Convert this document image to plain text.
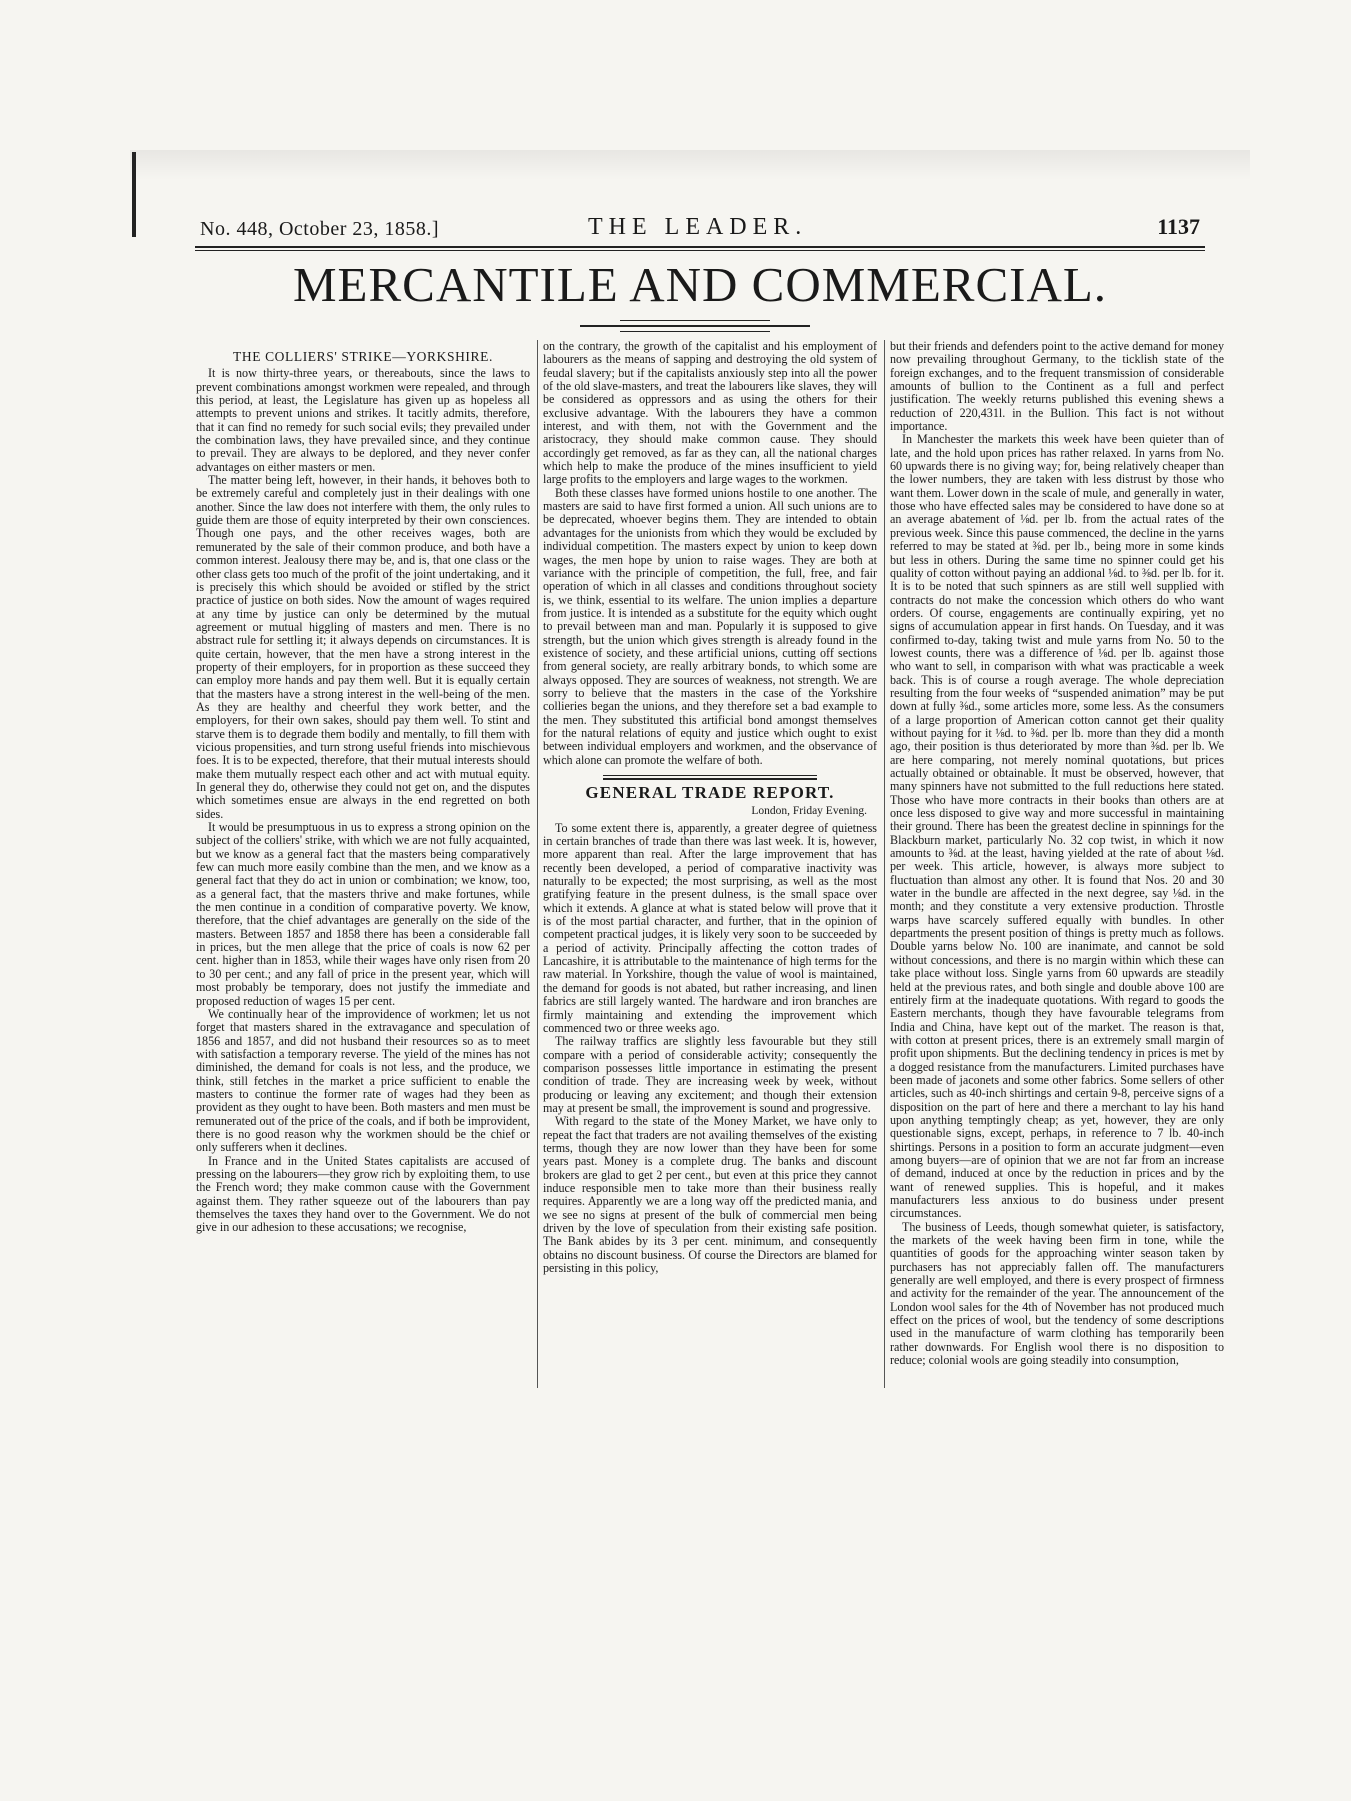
No. 448, October 23, 1858.]	THE LEADER.	1137
MERCANTILE AND COMMERCIAL.
THE COLLIERS' STRIKE—YORKSHIRE.

It is now thirty-three years, or thereabouts, since the laws to prevent combinations amongst workmen were repealed, and through this period, at least, the Legislature has given up as hopeless all attempts to prevent unions and strikes. It tacitly admits, therefore, that it can find no remedy for such social evils; they prevailed under the combination laws, they have prevailed since, and they continue to prevail. They are always to be deplored, and they never confer advantages on either masters or men.

The matter being left, however, in their hands, it behoves both to be extremely careful and completely just in their dealings with one another. Since the law does not interfere with them, the only rules to guide them are those of equity interpreted by their own consciences. Though one pays, and the other receives wages, both are remunerated by the sale of their common produce, and both have a common interest. Jealousy there may be, and is, that one class or the other class gets too much of the profit of the joint undertaking, and it is precisely this which should be avoided or stifled by the strict practice of justice on both sides. Now the amount of wages required at any time by justice can only be determined by the mutual agreement or mutual higgling of masters and men. There is no abstract rule for settling it; it always depends on circumstances. It is quite certain, however, that the men have a strong interest in the property of their employers, for in proportion as these succeed they can employ more hands and pay them well. But it is equally certain that the masters have a strong interest in the well-being of the men. As they are healthy and cheerful they work better, and the employers, for their own sakes, should pay them well. To stint and starve them is to degrade them bodily and mentally, to fill them with vicious propensities, and turn strong useful friends into mischievous foes. It is to be expected, therefore, that their mutual interests should make them mutually respect each other and act with mutual equity. In general they do, otherwise they could not get on, and the disputes which sometimes ensue are always in the end regretted on both sides.

It would be presumptuous in us to express a strong opinion on the subject of the colliers' strike, with which we are not fully acquainted, but we know as a general fact that the masters being comparatively few can much more easily combine than the men, and we know as a general fact that they do act in union or combination; we know, too, as a general fact, that the masters thrive and make fortunes, while the men continue in a condition of comparative poverty. We know, therefore, that the chief advantages are generally on the side of the masters. Between 1857 and 1858 there has been a considerable fall in prices, but the men allege that the price of coals is now 62 per cent. higher than in 1853, while their wages have only risen from 20 to 30 per cent.; and any fall of price in the present year, which will most probably be temporary, does not justify the immediate and proposed reduction of wages 15 per cent.

We continually hear of the improvidence of workmen; let us not forget that masters shared in the extravagance and speculation of 1856 and 1857, and did not husband their resources so as to meet with satisfaction a temporary reverse. The yield of the mines has not diminished, the demand for coals is not less, and the produce, we think, still fetches in the market a price sufficient to enable the masters to continue the former rate of wages had they been as provident as they ought to have been. Both masters and men must be remunerated out of the price of the coals, and if both be improvident, there is no good reason why the workmen should be the chief or only sufferers when it declines.

In France and in the United States capitalists are accused of pressing on the labourers—they grow rich by exploiting them, to use the French word; they make common cause with the Government against them. They rather squeeze out of the labourers than pay themselves the taxes they hand over to the Government. We do not give in our adhesion to these accusations; we recognise,

on the contrary, the growth of the capitalist and his employment of labourers as the means of sapping and destroying the old system of feudal slavery; but if the capitalists anxiously step into all the power of the old slave-masters, and treat the labourers like slaves, they will be considered as oppressors and as using the others for their exclusive advantage. With the labourers they have a common interest, and with them, not with the Government and the aristocracy, they should make common cause. They should accordingly get removed, as far as they can, all the national charges which help to make the produce of the mines insufficient to yield large profits to the employers and large wages to the workmen.

Both these classes have formed unions hostile to one another. The masters are said to have first formed a union. All such unions are to be deprecated, whoever begins them. They are intended to obtain advantages for the unionists from which they would be excluded by individual competition. The masters expect by union to keep down wages, the men hope by union to raise wages. They are both at variance with the principle of competition, the full, free, and fair operation of which in all classes and conditions throughout society is, we think, essential to its welfare. The union implies a departure from justice. It is intended as a substitute for the equity which ought to prevail between man and man. Popularly it is supposed to give strength, but the union which gives strength is already found in the existence of society, and these artificial unions, cutting off sections from general society, are really arbitrary bonds, to which some are always opposed. They are sources of weakness, not strength. We are sorry to believe that the masters in the case of the Yorkshire collieries began the unions, and they therefore set a bad example to the men. They substituted this artificial bond amongst themselves for the natural relations of equity and justice which ought to exist between individual employers and workmen, and the observance of which alone can promote the welfare of both.

GENERAL TRADE REPORT.
London, Friday Evening.

To some extent there is, apparently, a greater degree of quietness in certain branches of trade than there was last week. It is, however, more apparent than real. After the large improvement that has recently been developed, a period of comparative inactivity was naturally to be expected; the most surprising, as well as the most gratifying feature in the present dulness, is the small space over which it extends. A glance at what is stated below will prove that it is of the most partial character, and further, that in the opinion of competent practical judges, it is likely very soon to be succeeded by a period of activity. Principally affecting the cotton trades of Lancashire, it is attributable to the maintenance of high terms for the raw material. In Yorkshire, though the value of wool is maintained, the demand for goods is not abated, but rather increasing, and linen fabrics are still largely wanted. The hardware and iron branches are firmly maintaining and extending the improvement which commenced two or three weeks ago.

The railway traffics are slightly less favourable but they still compare with a period of considerable activity; consequently the comparison possesses little importance in estimating the present condition of trade. They are increasing week by week, without producing or leaving any excitement; and though their extension may at present be small, the improvement is sound and progressive.

With regard to the state of the Money Market, we have only to repeat the fact that traders are not availing themselves of the existing terms, though they are now lower than they have been for some years past. Money is a complete drug. The banks and discount brokers are glad to get 2 per cent., but even at this price they cannot induce responsible men to take more than their business really requires. Apparently we are a long way off the predicted mania, and we see no signs at present of the bulk of commercial men being driven by the love of speculation from their existing safe position. The Bank abides by its 3 per cent. minimum, and consequently obtains no discount business. Of course the Directors are blamed for persisting in this policy,

but their friends and defenders point to the active demand for money now prevailing throughout Germany, to the ticklish state of the foreign exchanges, and to the frequent transmission of considerable amounts of bullion to the Continent as a full and perfect justification. The weekly returns published this evening shews a reduction of 220,431l. in the Bullion. This fact is not without importance.

In Manchester the markets this week have been quieter than of late, and the hold upon prices has rather relaxed. In yarns from No. 60 upwards there is no giving way; for, being relatively cheaper than the lower numbers, they are taken with less distrust by those who want them. Lower down in the scale of mule, and generally in water, those who have effected sales may be considered to have done so at an average abatement of ⅛d. per lb. from the actual rates of the previous week. Since this pause commenced, the decline in the yarns referred to may be stated at ⅜d. per lb., being more in some kinds but less in others. During the same time no spinner could get his quality of cotton without paying an addional ⅛d. to ⅜d. per lb. for it. It is to be noted that such spinners as are still well supplied with contracts do not make the concession which others do who want orders. Of course, engagements are continually expiring, yet no signs of accumulation appear in first hands. On Tuesday, and it was confirmed to-day, taking twist and mule yarns from No. 50 to the lowest counts, there was a difference of ⅛d. per lb. against those who want to sell, in comparison with what was practicable a week back. This is of course a rough average. The whole depreciation resulting from the four weeks of “suspended animation” may be put down at fully ⅜d., some articles more, some less. As the consumers of a large proportion of American cotton cannot get their quality without paying for it ⅛d. to ⅜d. per lb. more than they did a month ago, their position is thus deteriorated by more than ⅜d. per lb. We are here comparing, not merely nominal quotations, but prices actually obtained or obtainable. It must be observed, however, that many spinners have not submitted to the full reductions here stated. Those who have more contracts in their books than others are at once less disposed to give way and more successful in maintaining their ground. There has been the greatest decline in spinnings for the Blackburn market, particularly No. 32 cop twist, in which it now amounts to ⅜d. at the least, having yielded at the rate of about ⅛d. per week. This article, however, is always more subject to fluctuation than almost any other. It is found that Nos. 20 and 30 water in the bundle are affected in the next degree, say ⅛d. in the month; and they constitute a very extensive production. Throstle warps have scarcely suffered equally with bundles. In other departments the present position of things is pretty much as follows. Double yarns below No. 100 are inanimate, and cannot be sold without concessions, and there is no margin within which these can take place without loss. Single yarns from 60 upwards are steadily held at the previous rates, and both single and double above 100 are entirely firm at the inadequate quotations. With regard to goods the Eastern merchants, though they have favourable telegrams from India and China, have kept out of the market. The reason is that, with cotton at present prices, there is an extremely small margin of profit upon shipments. But the declining tendency in prices is met by a dogged resistance from the manufacturers. Limited purchases have been made of jaconets and some other fabrics. Some sellers of other articles, such as 40-inch shirtings and certain 9-8, perceive signs of a disposition on the part of here and there a merchant to lay his hand upon anything temptingly cheap; as yet, however, they are only questionable signs, except, perhaps, in reference to 7 lb. 40-inch shirtings. Persons in a position to form an accurate judgment—even among buyers—are of opinion that we are not far from an increase of demand, induced at once by the reduction in prices and by the want of renewed supplies. This is hopeful, and it makes manufacturers less anxious to do business under present circumstances.

The business of Leeds, though somewhat quieter, is satisfactory, the markets of the week having been firm in tone, while the quantities of goods for the approaching winter season taken by purchasers has not appreciably fallen off. The manufacturers generally are well employed, and there is every prospect of firmness and activity for the remainder of the year. The announcement of the London wool sales for the 4th of November has not produced much effect on the prices of wool, but the tendency of some descriptions used in the manufacture of warm clothing has temporarily been rather downwards. For English wool there is no disposition to reduce; colonial wools are going steadily into consumption,
